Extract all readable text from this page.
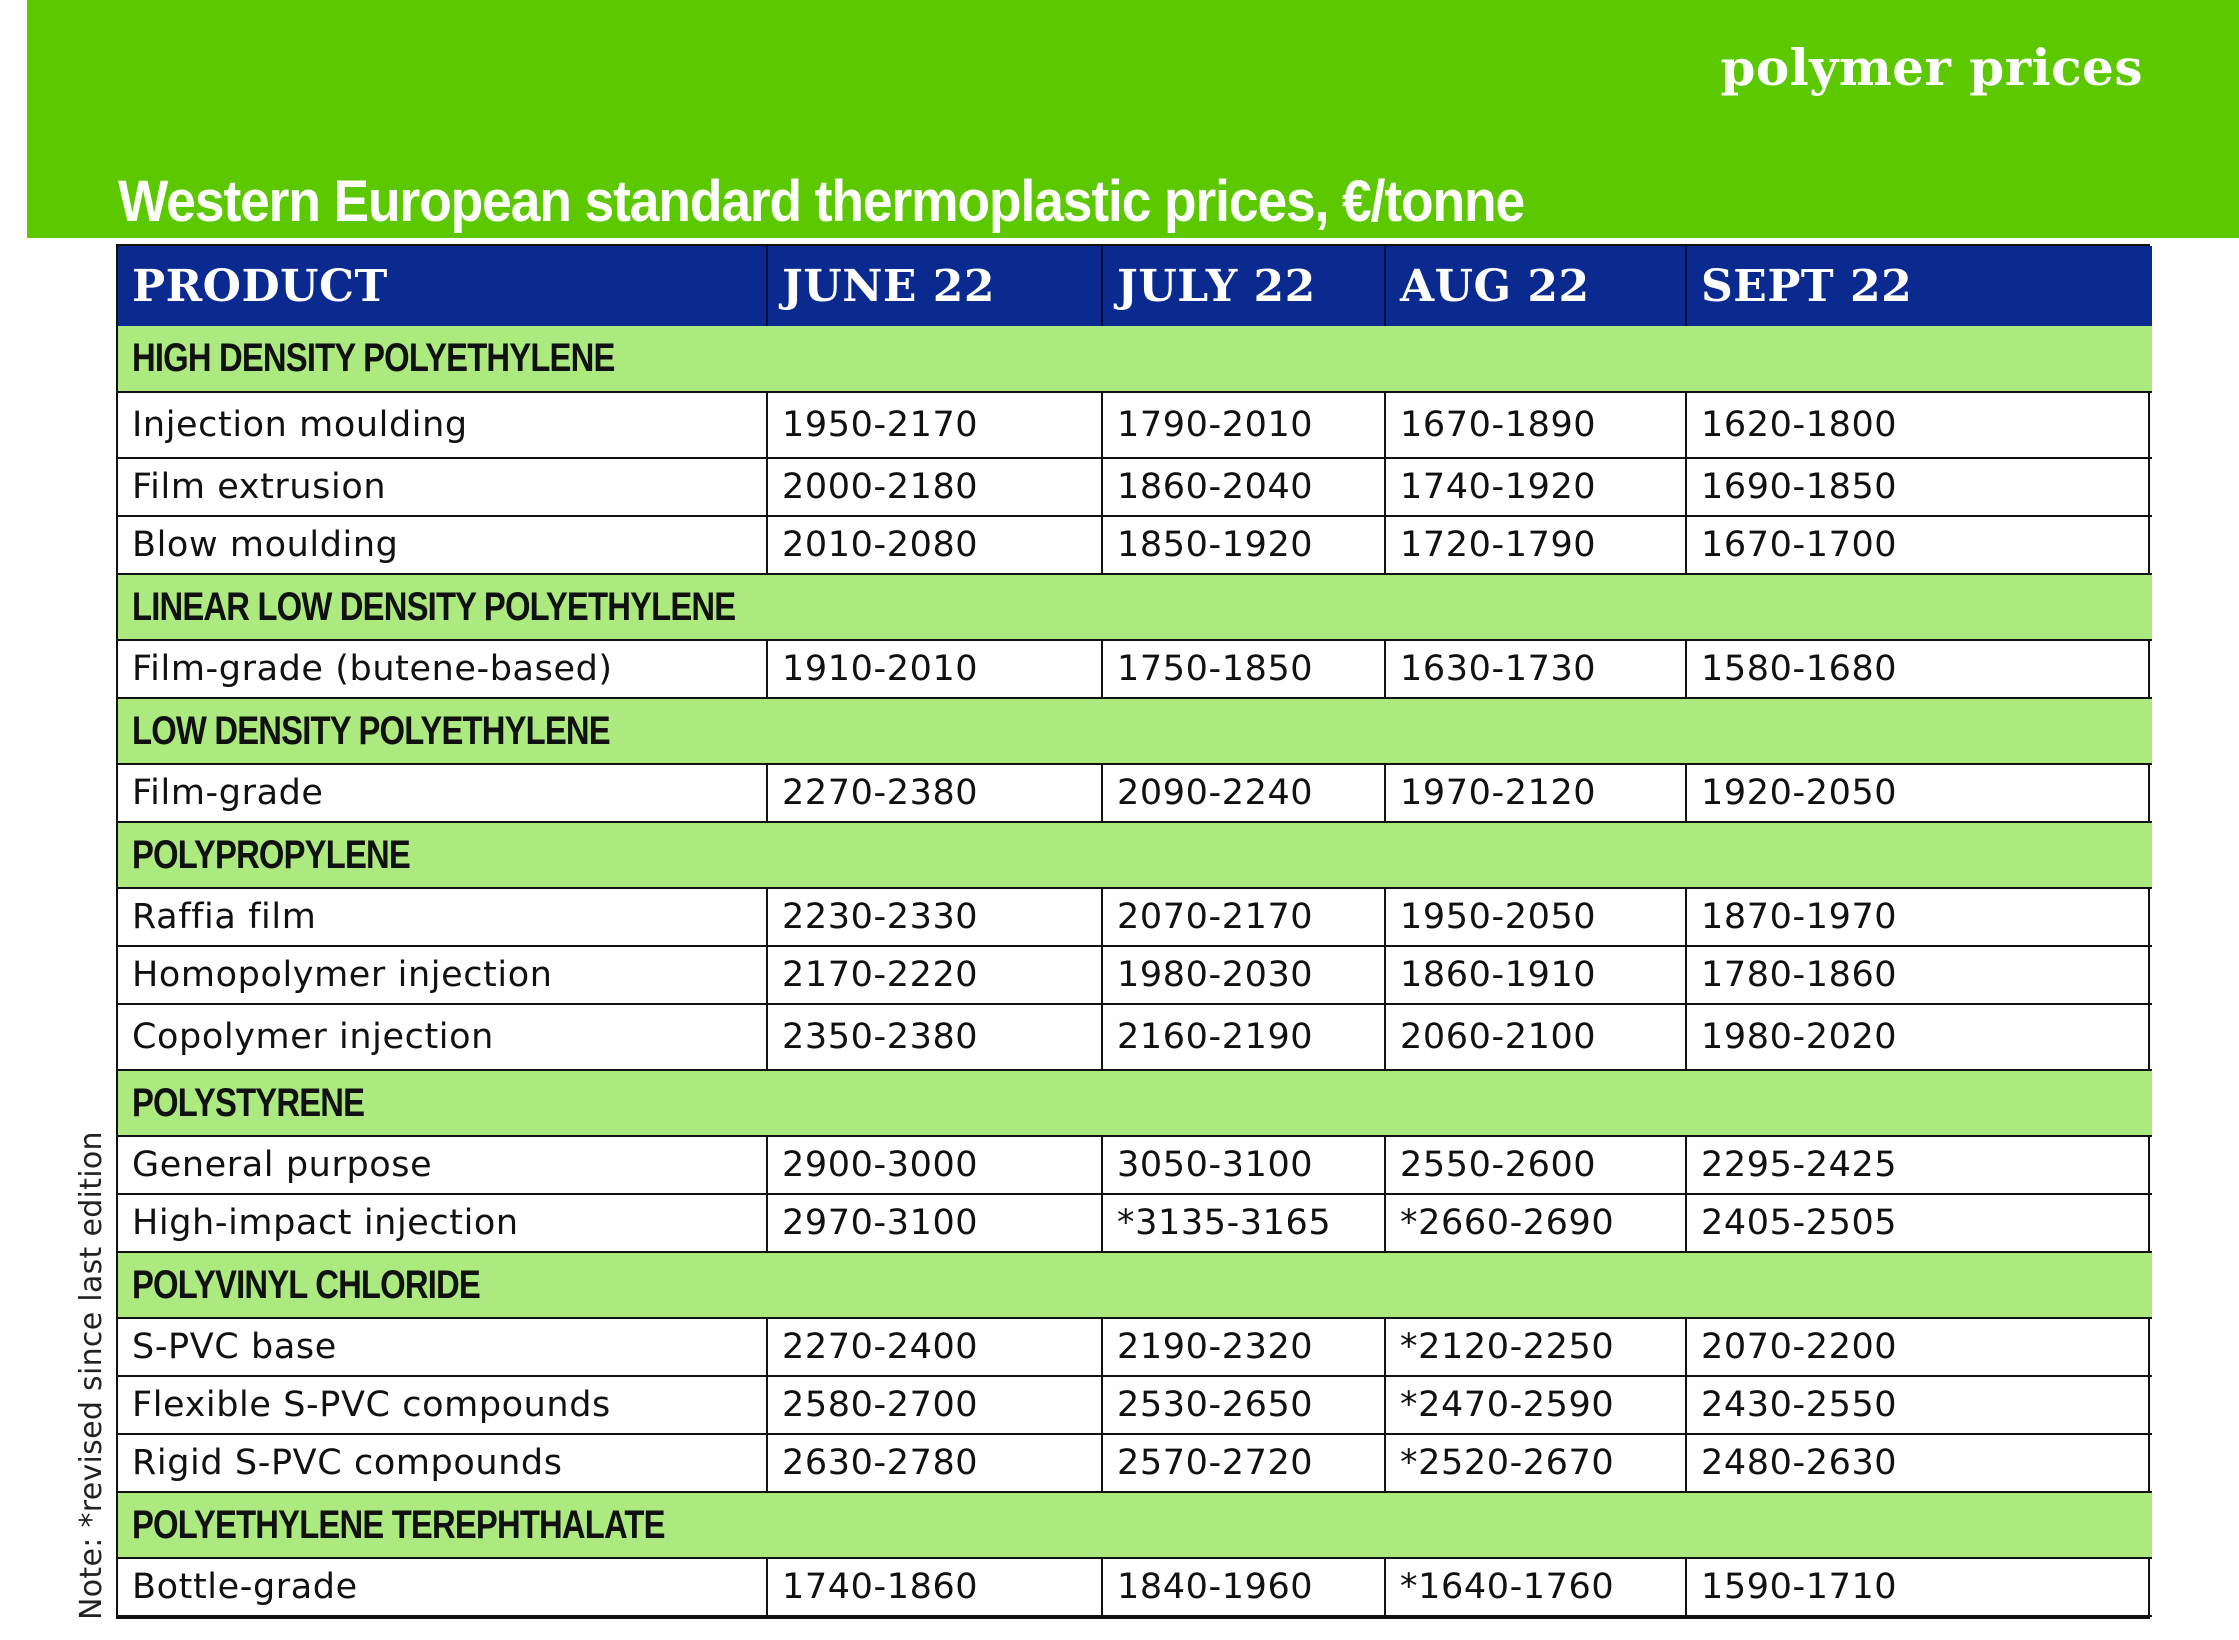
polymer prices
Western European standard thermoplastic prices, €/tonne
PRODUCT	JUNE 22	JULY 22	AUG 22	SEPT 22
HIGH DENSITY POLYETHYLENE				
Injection moulding	1950-2170	1790-2010	1670-1890	1620-1800
Film extrusion	2000-2180	1860-2040	1740-1920	1690-1850
Blow moulding	2010-2080	1850-1920	1720-1790	1670-1700
LINEAR LOW DENSITY POLYETHYLENE				
Film-grade (butene-based)	1910-2010	1750-1850	1630-1730	1580-1680
LOW DENSITY POLYETHYLENE				
Film-grade	2270-2380	2090-2240	1970-2120	1920-2050
POLYPROPYLENE				
Raffia film	2230-2330	2070-2170	1950-2050	1870-1970
Homopolymer injection	2170-2220	1980-2030	1860-1910	1780-1860
Copolymer injection	2350-2380	2160-2190	2060-2100	1980-2020
POLYSTYRENE				
General purpose	2900-3000	3050-3100	2550-2600	2295-2425
High-impact injection	2970-3100	*3135-3165	*2660-2690	2405-2505
POLYVINYL CHLORIDE				
S-PVC base	2270-2400	2190-2320	*2120-2250	2070-2200
Flexible S-PVC compounds	2580-2700	2530-2650	*2470-2590	2430-2550
Rigid S-PVC compounds	2630-2780	2570-2720	*2520-2670	2480-2630
POLYETHYLENE TEREPHTHALATE				
Bottle-grade	1740-1860	1840-1960	*1640-1760	1590-1710
Note: *revised since last edition
